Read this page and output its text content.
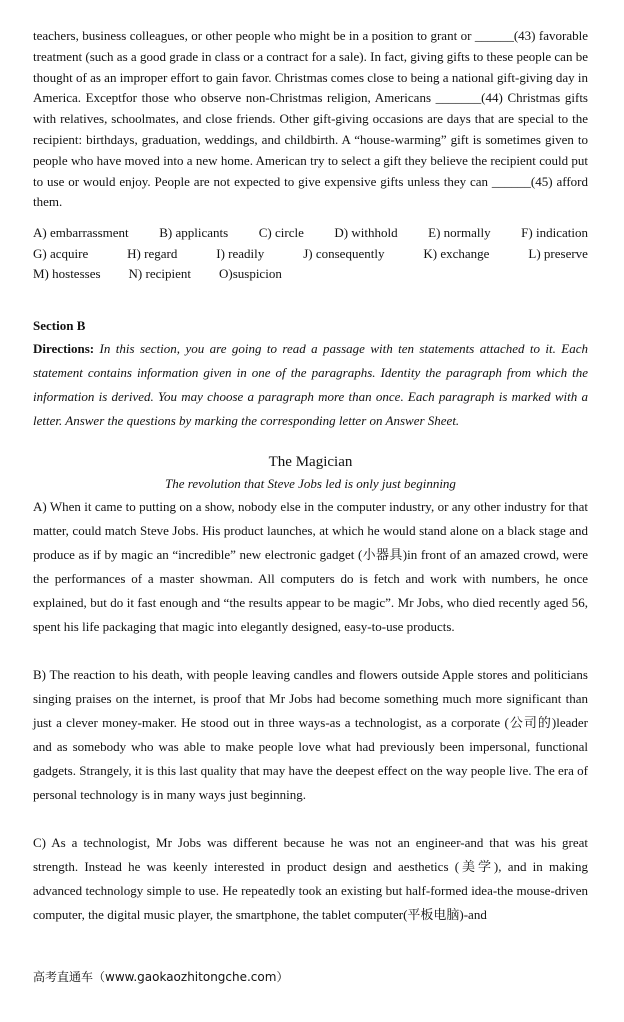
teachers, business colleagues, or other people who might be in a position to grant or ______(43) favorable treatment (such as a good grade in class or a contract for a sale). In fact, giving gifts to these people can be thought of as an improper effort to gain favor. Christmas comes close to being a national gift-giving day in America. Exceptfor those who observe non-Christmas religion, Americans _______(44) Christmas gifts with relatives, schoolmates, and close friends. Other gift-giving occasions are days that are special to the recipient: birthdays, graduation, weddings, and childbirth. A “house-warming” gift is sometimes given to people who have moved into a new home. American try to select a gift they believe the recipient could put to use or would enjoy. People are not expected to give expensive gifts unless they can ______(45) afford them.

A) embarrassment B) applicants C) circle D) withhold E) normally F) indication
G) acquire	H) regard	I) readily	J) consequently	K) exchange	L) preserve
M) hostesses N) recipient O)suspicion
Section B

Directions: In this section, you are going to read a passage with ten statements attached to it. Each statement contains information given in one of the paragraphs. Identity the paragraph from which the information is derived. You may choose a paragraph more than once. Each paragraph is marked with a letter. Answer the questions by marking the corresponding letter on Answer Sheet.

The Magician
The revolution that Steve Jobs led is only just beginning

A) When it came to putting on a show, nobody else in the computer industry, or any other industry for that matter, could match Steve Jobs. His product launches, at which he would stand alone on a black stage and produce as if by magic an “incredible” new electronic gadget (小器具)in front of an amazed crowd, were the performances of a master showman. All computers do is fetch and work with numbers, he once explained, but do it fast enough and “the results appear to be magic”. Mr Jobs, who died recently aged 56, spent his life packaging that magic into elegantly designed, easy-to-use products.

B) The reaction to his death, with people leaving candles and flowers outside Apple stores and politicians singing praises on the internet, is proof that Mr Jobs had become something much more significant than just a clever money-maker. He stood out in three ways-as a technologist, as a corporate (公司的)leader and as somebody who was able to make people love what had previously been impersonal, functional gadgets. Strangely, it is this last quality that may have the deepest effect on the way people live. The era of personal technology is in many ways just beginning.

C) As a technologist, Mr Jobs was different because he was not an engineer-and that was his great strength. Instead he was keenly interested in product design and aesthetics (美学), and in making advanced technology simple to use. He repeatedly took an existing but half-formed idea-the mouse-driven computer, the digital music player, the smartphone, the tablet computer(平板电脑)-and

高考直通车（www.gaokaozhitongche.com）
